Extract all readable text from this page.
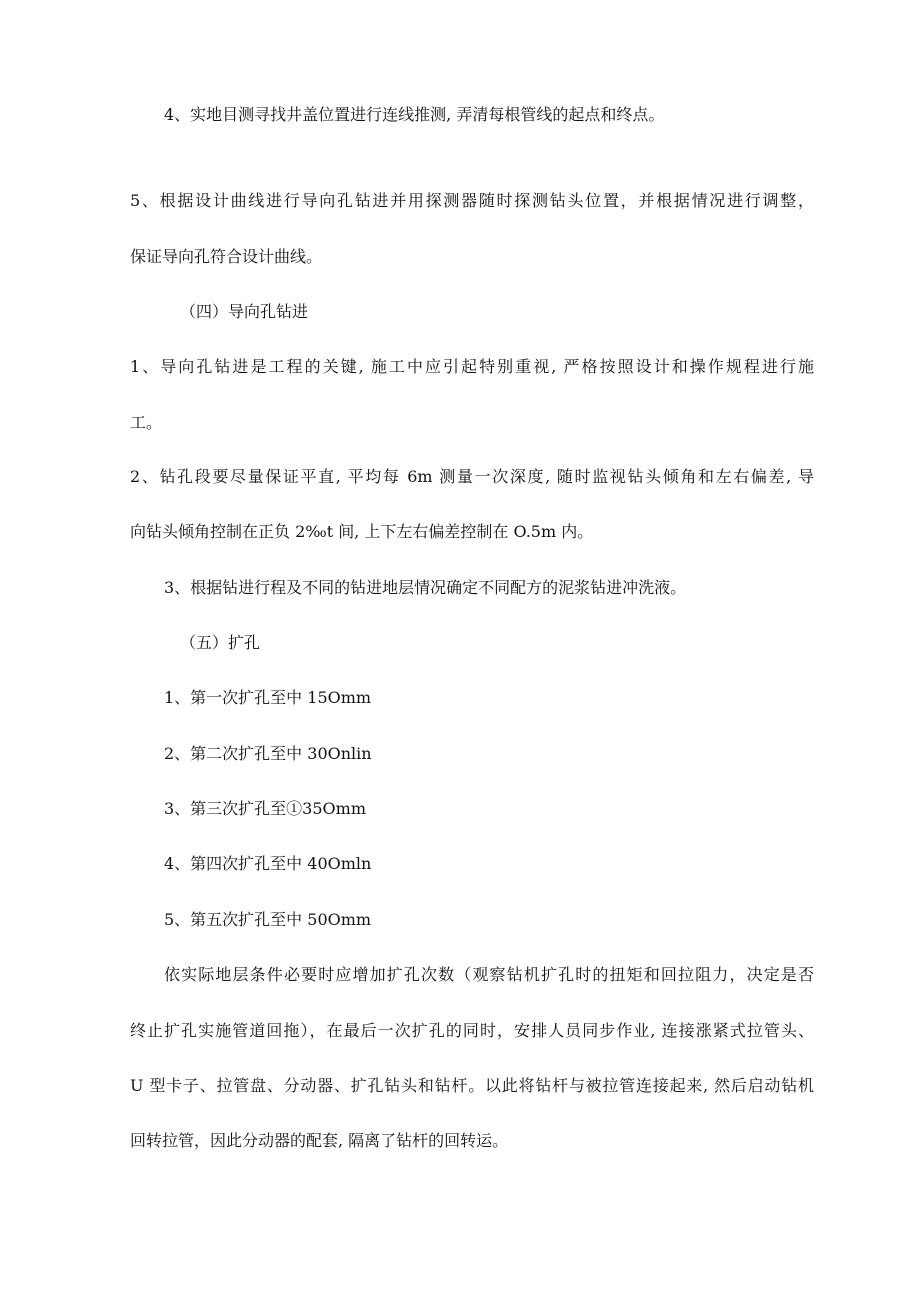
4、实地目测寻找井盖位置进行连线推测, 弄清每根管线的起点和终点。

5、根据设计曲线进行导向孔钻进并用探测器随时探测钻头位置，并根据情况进行调整，

保证导向孔符合设计曲线。

（四）导向孔钻进

1、导向孔钻进是工程的关键, 施工中应引起特别重视, 严格按照设计和操作规程进行施

工。

2、钻孔段要尽量保证平直, 平均每 6m 测量一次深度, 随时监视钻头倾角和左右偏差, 导

向钻头倾角控制在正负 2‰t 间, 上下左右偏差控制在 O.5m 内。

3、根据钻进行程及不同的钻进地层情况确定不同配方的泥浆钻进冲洗液。

（五）扩孔

1、第一次扩孔至中 15Omm

2、第二次扩孔至中 30Onlin

3、第三次扩孔至①35Omm

4、第四次扩孔至中 40Omln

5、第五次扩孔至中 50Omm

依实际地层条件必要时应增加扩孔次数（观察钻机扩孔时的扭矩和回拉阻力，决定是否

终止扩孔实施管道回拖），在最后一次扩孔的同时，安排人员同步作业, 连接涨紧式拉管头、

U 型卡子、拉管盘、分动器、扩孔钻头和钻杆。以此将钻杆与被拉管连接起来, 然后启动钻机

回转拉管，因此分动器的配套, 隔离了钻杆的回转运。
